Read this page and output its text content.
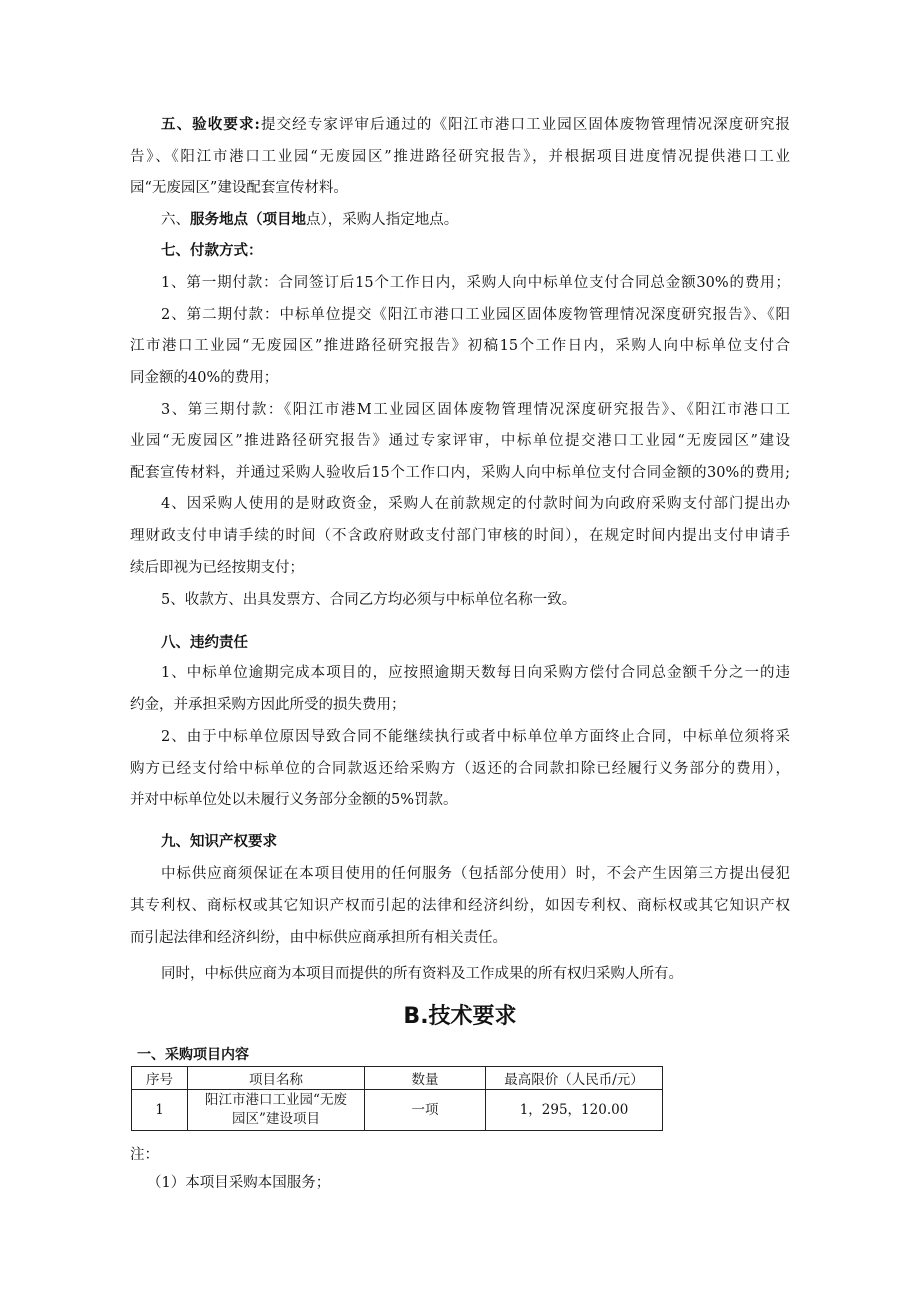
五、验收要求:提交经专家评审后通过的《阳江市港口工业园区固体废物管理情况深度研究报
告》、《阳江市港口工业园“无废园区”推进路径研究报告》，并根据项目进度情况提供港口工业
园“无废园区”建设配套宣传材料。
六、服务地点（项目地点），采购人指定地点。
七、付款方式：
1、第一期付款：合同签订后15个工作日内，采购人向中标单位支付合同总金额30%的费用；
2、第二期付款：中标单位提交《阳江市港口工业园区固体废物管理情况深度研究报告》、《阳
江市港口工业园“无废园区”推进路径研究报告》初稿15个工作日内，采购人向中标单位支付合
同金额的40%的费用；
3、第三期付款：《阳江市港M工业园区固体废物管理情况深度研究报告》、《阳江市港口工
业园“无废园区”推进路径研究报告》通过专家评审，中标单位提交港口工业园“无废园区”建设
配套宣传材料，并通过采购人验收后15个工作口内，采购人向中标单位支付合同金额的30%的费用;
4、因采购人使用的是财政资金，采购人在前款规定的付款时间为向政府采购支付部门提出办
理财政支付申请手续的时间（不含政府财政支付部门审核的时间），在规定时间内提出支付申请手
续后即视为已经按期支付；
5、收款方、出具发票方、合同乙方均必须与中标单位名称一致。
八、违约责任
1、中标单位逾期完成本项目的，应按照逾期天数每日向采购方偿付合同总金额千分之一的违
约金，并承担采购方因此所受的损失费用；
2、由于中标单位原因导致合同不能继续执行或者中标单位单方面终止合同，中标单位须将采
购方已经支付给中标单位的合同款返还给采购方（返还的合同款扣除已经履行义务部分的费用），
并对中标单位处以未履行义务部分金额的5%罚款。
九、知识产权要求
中标供应商须保证在本项目使用的任何服务（包括部分使用）时，不会产生因第三方提出侵犯
其专利权、商标权或其它知识产权而引起的法律和经济纠纷，如因专利权、商标权或其它知识产权
而引起法律和经济纠纷，由中标供应商承担所有相关责任。
同时，中标供应商为本项目而提供的所有资料及工作成果的所有权归采购人所有。
B.技术要求
一、采购项目内容
序号	项目名称	数量	最高限价（人民币/元）
1	阳江市港口工业园“无废
园区”建设项目	一项	1，295，120.00
注：
（1）本项目采购本国服务；
